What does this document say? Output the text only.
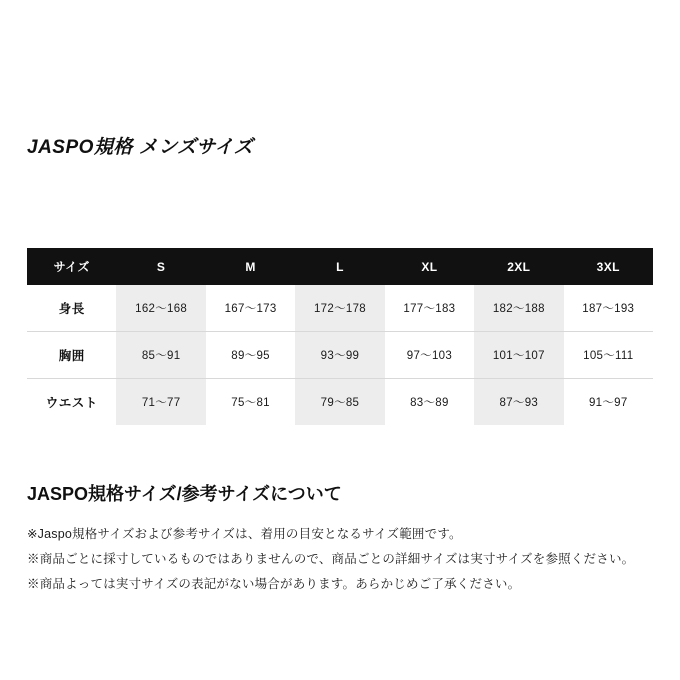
JASPO規格 メンズサイズ
サイズ	S	M	L	XL	2XL	3XL
身長	162〜168	167〜173	172〜178	177〜183	182〜188	187〜193
胸囲	85〜91	89〜95	93〜99	97〜103	101〜107	105〜111
ウエスト	71〜77	75〜81	79〜85	83〜89	87〜93	91〜97
JASPO規格サイズ/参考サイズについて
※Jaspo規格サイズおよび参考サイズは、着用の目安となるサイズ範囲です。
※商品ごとに採寸しているものではありませんので、商品ごとの詳細サイズは実寸サイズを参照ください。
※商品よっては実寸サイズの表記がない場合があります。あらかじめご了承ください。
